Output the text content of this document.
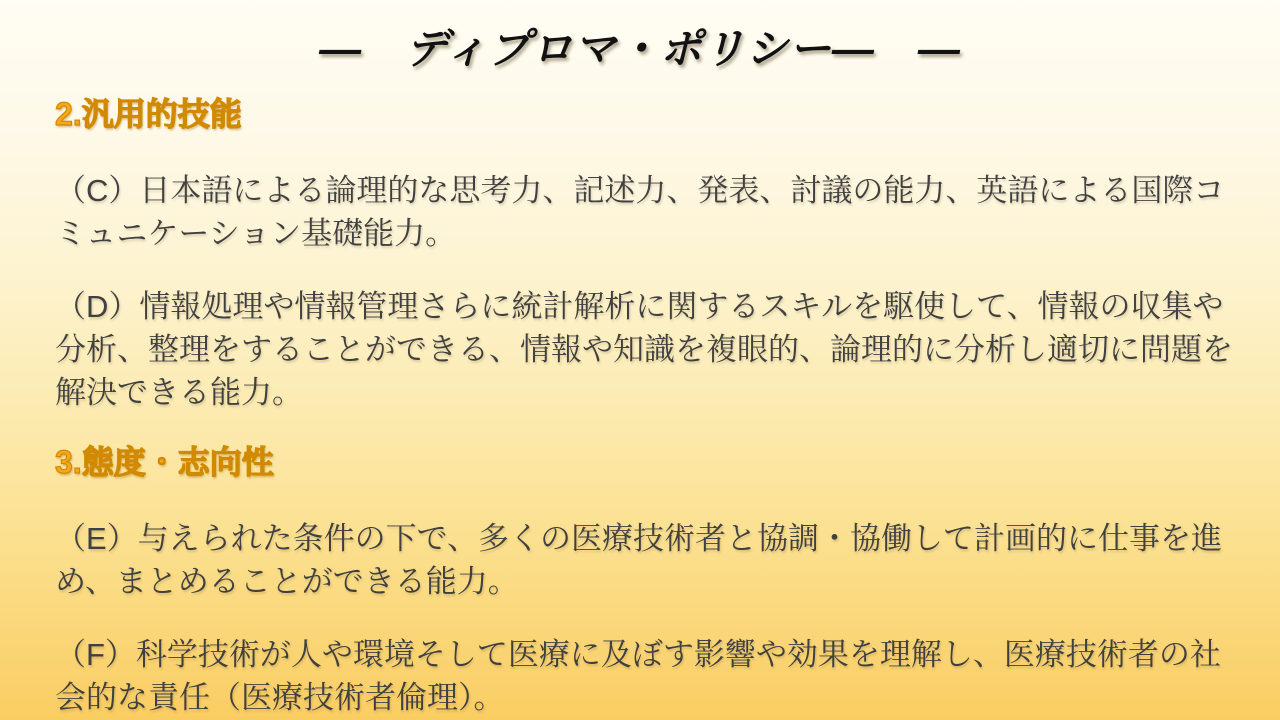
―　ディプロマ・ポリシー―　―
2.汎用的技能

（C）日本語による論理的な思考力、記述力、発表、討議の能力、英語による国際コミュニケーション基礎能力。

（D）情報処理や情報管理さらに統計解析に関するスキルを駆使して、情報の収集や分析、整理をすることができる、情報や知識を複眼的、論理的に分析し適切に問題を解決できる能力。

3.態度・志向性

（E）与えられた条件の下で、多くの医療技術者と協調・協働して計画的に仕事を進め、まとめることができる能力。

（F）科学技術が人や環境そして医療に及ぼす影響や効果を理解し、医療技術者の社会的な責任（医療技術者倫理）。
